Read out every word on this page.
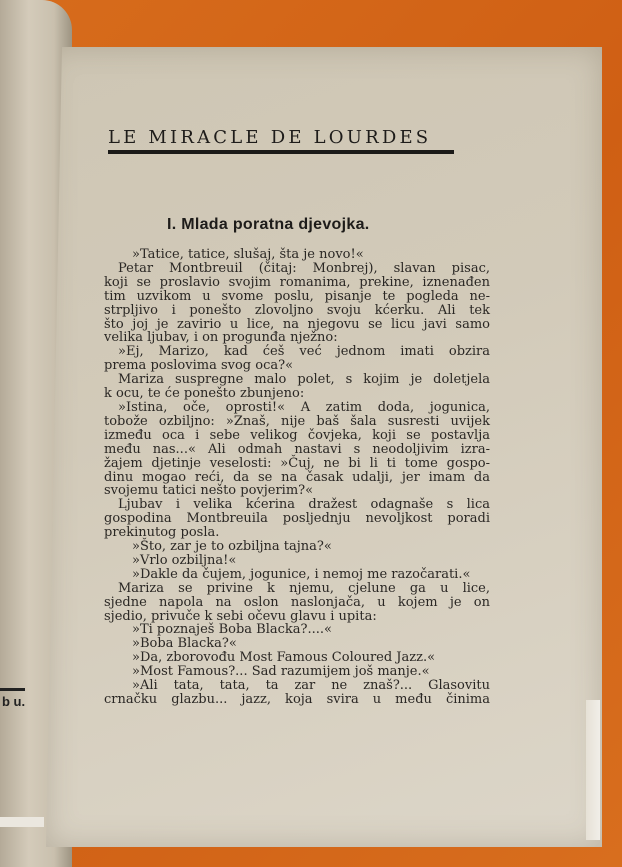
b u.
LE MIRACLE DE LOURDES
I. Mlada poratna djevojka.
»Tatice, tatice, slušaj, šta je novo!«
Petar Montbreuil (čitaj: Monbrej), slavan pisac,
koji se proslavio svojim romanima, prekine, iznenađen
tim uzvikom u svome poslu, pisanje te pogleda ne-
strpljivo i ponešto zlovoljno svoju kćerku. Ali tek
što joj je zavirio u lice, na njegovu se licu javi samo
velika ljubav, i on progunđa nježno:
»Ej, Marizo, kad ćeš već jednom imati obzira
prema poslovima svog oca?«
Mariza suspregne malo polet, s kojim je doletjela
k ocu, te će ponešto zbunjeno:
»Istina, oče, oprosti!« A zatim doda, jogunica,
tobože ozbiljno: »Znaš, nije baš šala susresti uvijek
između oca i sebe velikog čovjeka, koji se postavlja
među nas...« Ali odmah nastavi s neodoljivim izra-
žajem djetinje veselosti: »Čuj, ne bi li ti tome gospo-
dinu mogao reći, da se na časak udalji, jer imam da
svojemu tatici nešto povjerim?«
Ljubav i velika kćerina dražest odagnaše s lica
gospodina Montbreuila posljednju nevoljkost poradi
prekinutog posla.
»Što, zar je to ozbiljna tajna?«
»Vrlo ozbiljna!«
»Dakle da čujem, jogunice, i nemoj me razočarati.«
Mariza se privine k njemu, cjelune ga u lice,
sjedne napola na oslon naslonjača, u kojem je on
sjedio, privuče k sebi očevu glavu i upita:
»Ti poznaješ Boba Blacka?....«
»Boba Blacka?«
»Da, zborovođu Most Famous Coloured Jazz.«
»Most Famous?... Sad razumijem još manje.«
»Ali tata, tata, ta zar ne znaš?... Glasovitu
crnačku glazbu... jazz, koja svira u među činima
